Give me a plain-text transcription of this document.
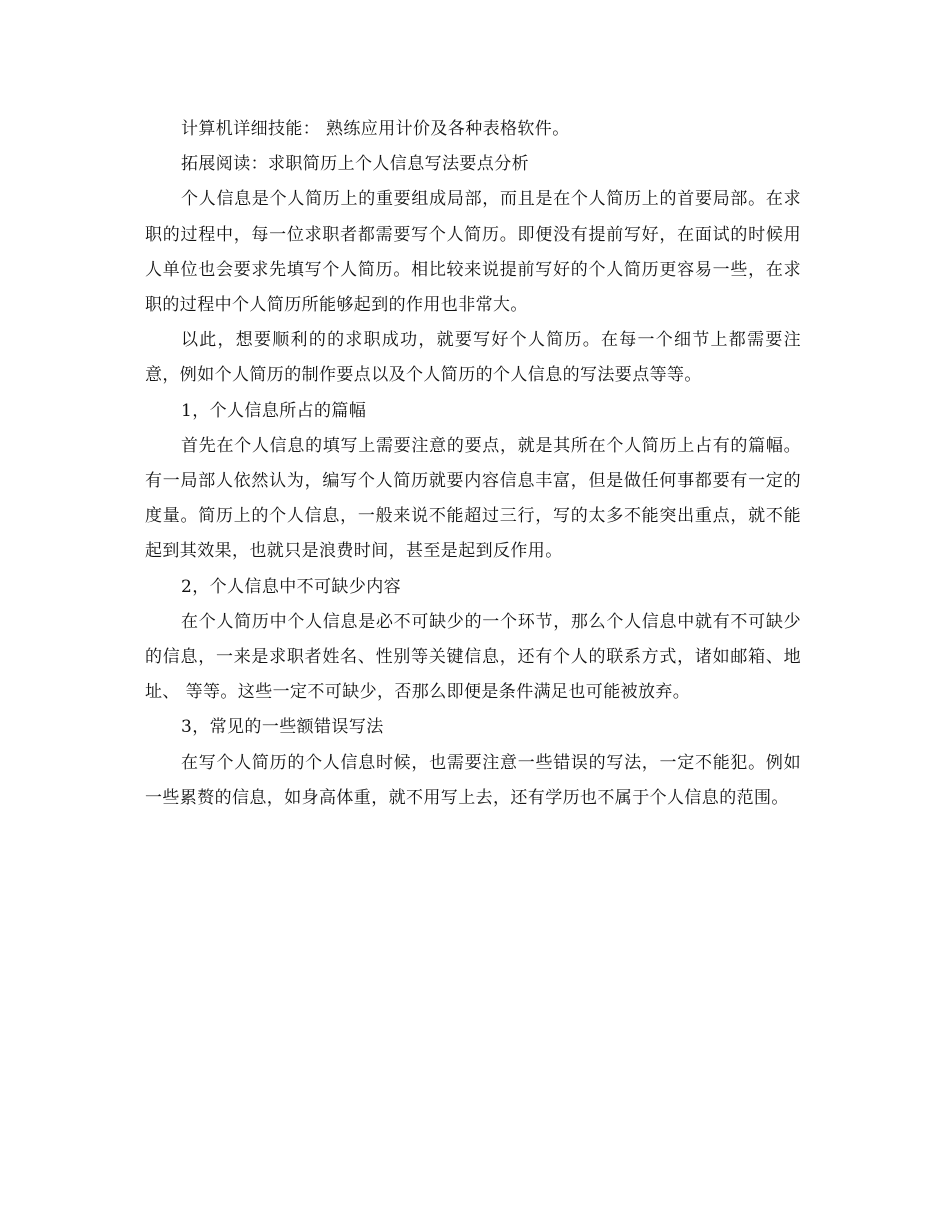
计算机详细技能： 熟练应用计价及各种表格软件。

拓展阅读：求职简历上个人信息写法要点分析

个人信息是个人简历上的重要组成局部，而且是在个人简历上的首要局部。在求职的过程中，每一位求职者都需要写个人简历。即便没有提前写好，在面试的时候用人单位也会要求先填写个人简历。相比较来说提前写好的个人简历更容易一些，在求职的过程中个人简历所能够起到的作用也非常大。

以此，想要顺利的的求职成功，就要写好个人简历。在每一个细节上都需要注意，例如个人简历的制作要点以及个人简历的个人信息的写法要点等等。

1，个人信息所占的篇幅

首先在个人信息的填写上需要注意的要点，就是其所在个人简历上占有的篇幅。有一局部人依然认为，编写个人简历就要内容信息丰富，但是做任何事都要有一定的度量。简历上的个人信息，一般来说不能超过三行，写的太多不能突出重点，就不能起到其效果，也就只是浪费时间，甚至是起到反作用。

2，个人信息中不可缺少内容

在个人简历中个人信息是必不可缺少的一个环节，那么个人信息中就有不可缺少的信息，一来是求职者姓名、性别等关键信息，还有个人的联系方式，诸如邮箱、地址、 等等。这些一定不可缺少，否那么即便是条件满足也可能被放弃。

3，常见的一些额错误写法

在写个人简历的个人信息时候，也需要注意一些错误的写法，一定不能犯。例如一些累赘的信息，如身高体重，就不用写上去，还有学历也不属于个人信息的范围。
